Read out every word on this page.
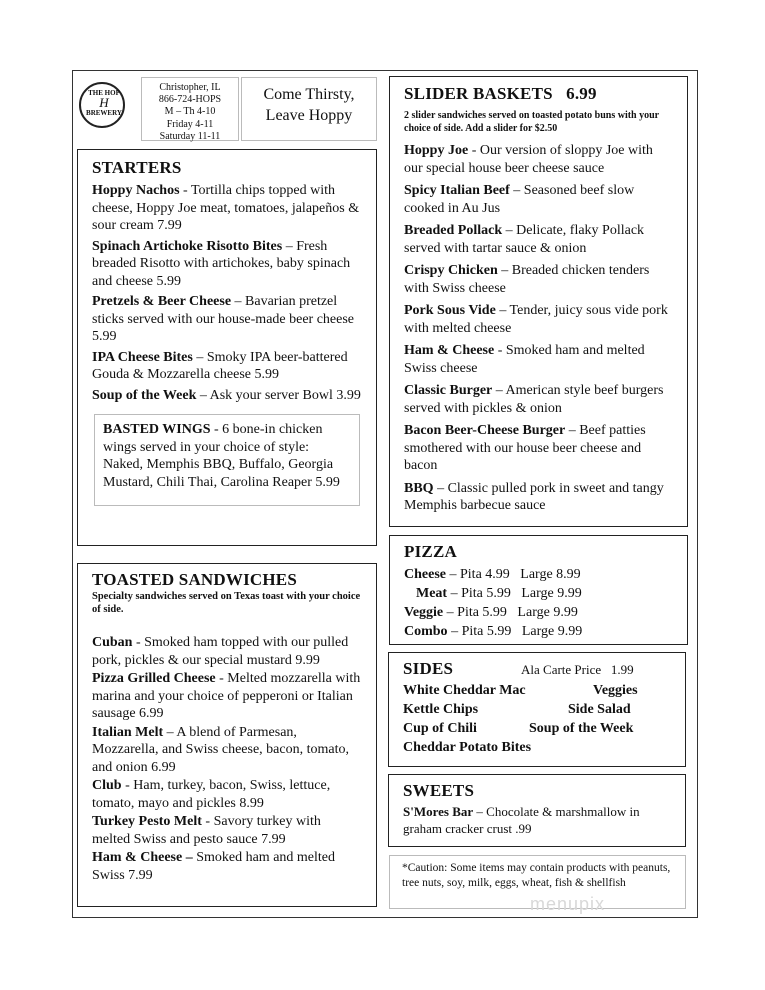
THE HOP
H
BREWERY
Christopher, IL
866-724-HOPS
M – Th 4-10
Friday 4-11
Saturday 11-11
Come Thirsty,
Leave Hoppy
STARTERS
Hoppy Nachos - Tortilla chips topped with cheese, Hoppy Joe meat, tomatoes, jalapeños & sour cream 7.99
Spinach Artichoke Risotto Bites – Fresh breaded Risotto with artichokes, baby spinach and cheese 5.99
Pretzels & Beer Cheese – Bavarian pretzel sticks served with our house-made beer cheese 5.99
IPA Cheese Bites – Smoky IPA beer-battered Gouda & Mozzarella cheese 5.99
Soup of the Week – Ask your server Bowl 3.99
BASTED WINGS - 6 bone-in chicken wings served in your choice of style: Naked, Memphis BBQ, Buffalo, Georgia Mustard, Chili Thai, Carolina Reaper 5.99
TOASTED SANDWICHES
Specialty sandwiches served on Texas toast with your choice of side.
Cuban - Smoked ham topped with our pulled pork, pickles & our special mustard 9.99
Pizza Grilled Cheese - Melted mozzarella with marina and your choice of pepperoni or Italian sausage 6.99
Italian Melt – A blend of Parmesan, Mozzarella, and Swiss cheese, bacon, tomato, and onion 6.99
Club - Ham, turkey, bacon, Swiss, lettuce, tomato, mayo and pickles 8.99
Turkey Pesto Melt - Savory turkey with melted Swiss and pesto sauce 7.99
Ham & Cheese – Smoked ham and melted Swiss 7.99
SLIDER BASKETS   6.99
2 slider sandwiches served on toasted potato buns with your choice of side. Add a slider for $2.50
Hoppy Joe - Our version of sloppy Joe with our special house beer cheese sauce
Spicy Italian Beef – Seasoned beef slow cooked in Au Jus
Breaded Pollack – Delicate, flaky Pollack served with tartar sauce & onion
Crispy Chicken – Breaded chicken tenders with Swiss cheese
Pork Sous Vide – Tender, juicy sous vide pork with melted cheese
Ham & Cheese - Smoked ham and melted Swiss cheese
Classic Burger – American style beef burgers served with pickles & onion
Bacon Beer-Cheese Burger – Beef patties smothered with our house beer cheese and bacon
BBQ – Classic pulled pork in sweet and tangy Memphis barbecue sauce
PIZZA
Cheese – Pita 4.99   Large 8.99
Meat – Pita 5.99   Large 9.99
Veggie – Pita 5.99   Large 9.99
Combo – Pita 5.99   Large 9.99
SIDES	Ala Carte Price   1.99
White Cheddar Mac
Kettle Chips
Cup of Chili
Cheddar Potato Bites
Veggies
Side Salad
Soup of the Week
SWEETS
S'Mores Bar – Chocolate & marshmallow in graham cracker crust .99
*Caution: Some items may contain products with peanuts, tree nuts, soy, milk, eggs, wheat, fish & shellfish
menupix
